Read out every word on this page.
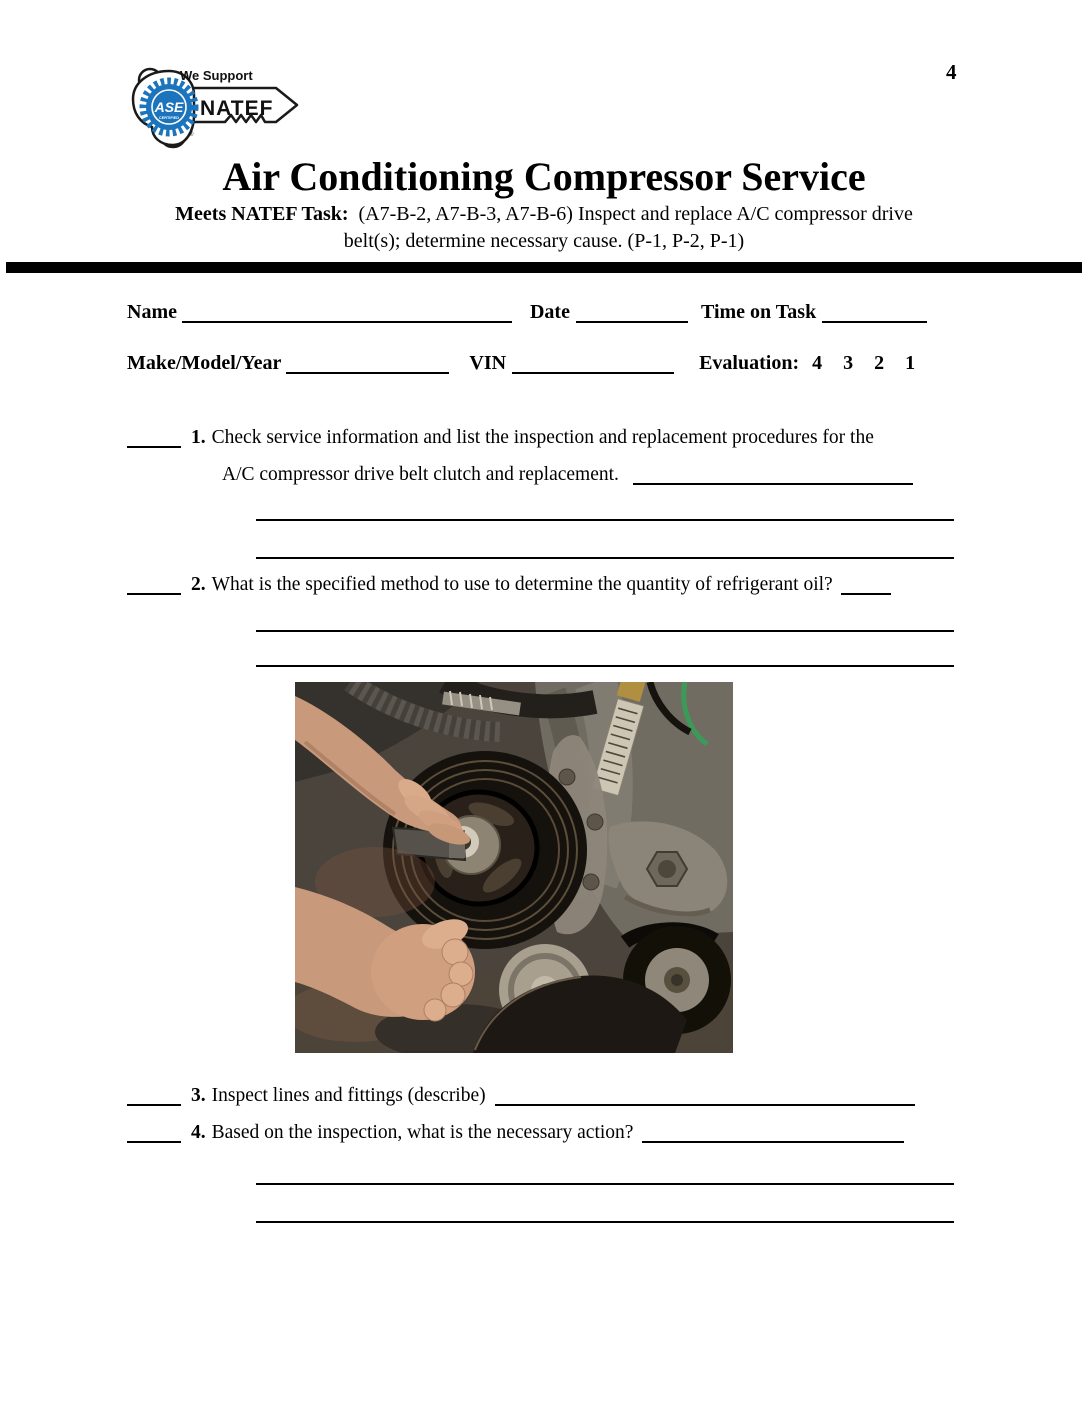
ASE
CERTIFIED
We Support
NATEF
®
4
Air Conditioning Compressor Service
Meets NATEF Task: (A7-B-2, A7-B-3, A7-B-6) Inspect and replace A/C compressor drive
belt(s); determine necessary cause. (P-1, P-2, P-1)
Name	Date	Time on Task
Make/Model/Year	VIN	Evaluation: 4 3 2 1
1. Check service information and list the inspection and replacement procedures for the
A/C compressor drive belt clutch and replacement.
2. What is the specified method to use to determine the quantity of refrigerant oil?
3. Inspect lines and fittings (describe)
4. Based on the inspection, what is the necessary action?
